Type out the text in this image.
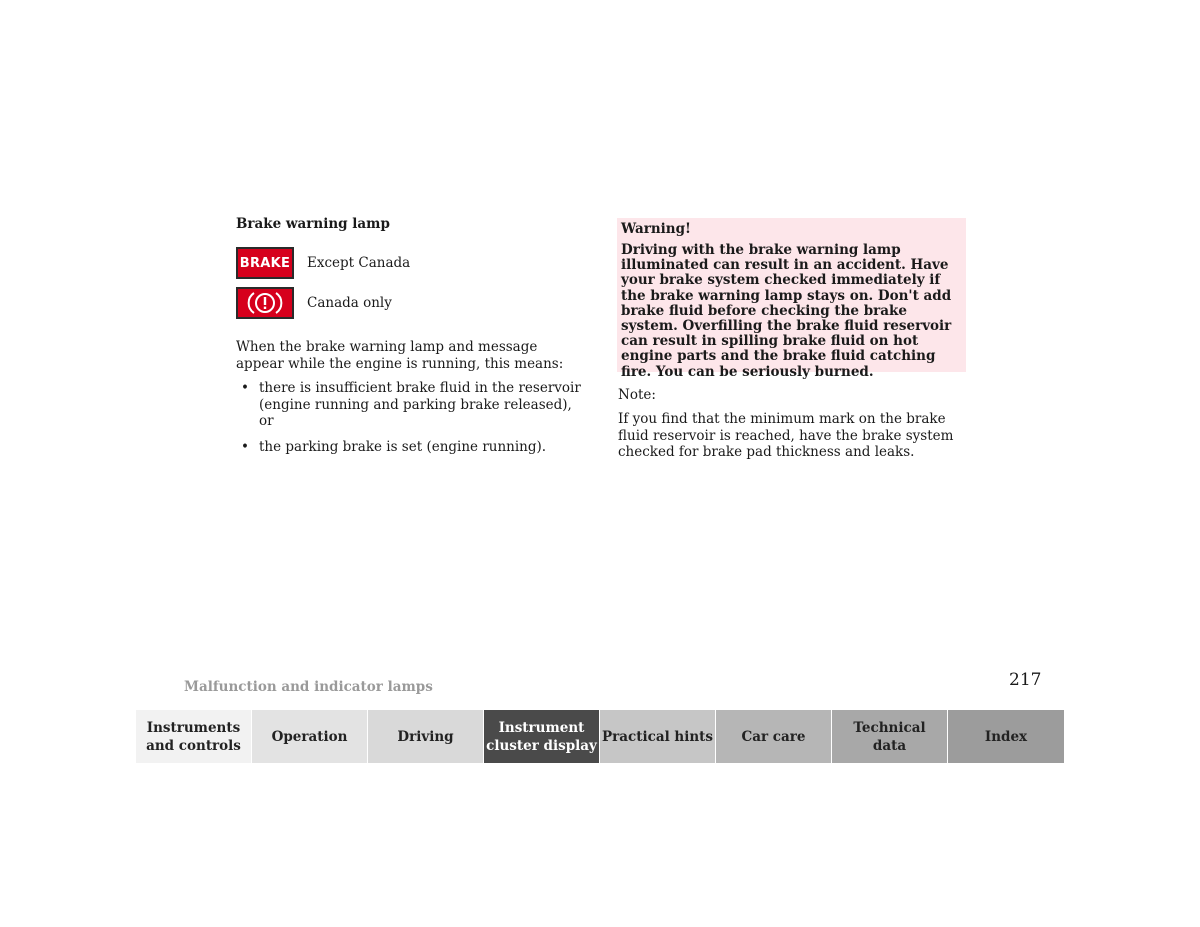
Brake warning lamp
BRAKE Except Canada
Canada only

When the brake warning lamp and message appear while the engine is running, this means:

• there is insufficient brake fluid in the reservoir (engine running and parking brake released), or
• the parking brake is set (engine running).

Warning!

Driving with the brake warning lamp illuminated can result in an accident. Have your brake system checked immediately if the brake warning lamp stays on. Don't add brake fluid before checking the brake system. Overfilling the brake fluid reservoir can result in spilling brake fluid on hot engine parts and the brake fluid catching fire. You can be seriously burned.

Note:

If you find that the minimum mark on the brake fluid reservoir is reached, have the brake system checked for brake pad thickness and leaks.

Malfunction and indicator lamps	217

Instruments
and controls
Operation	Driving
Instrument
cluster display
Practical hints Car care
Technical
data
Index
